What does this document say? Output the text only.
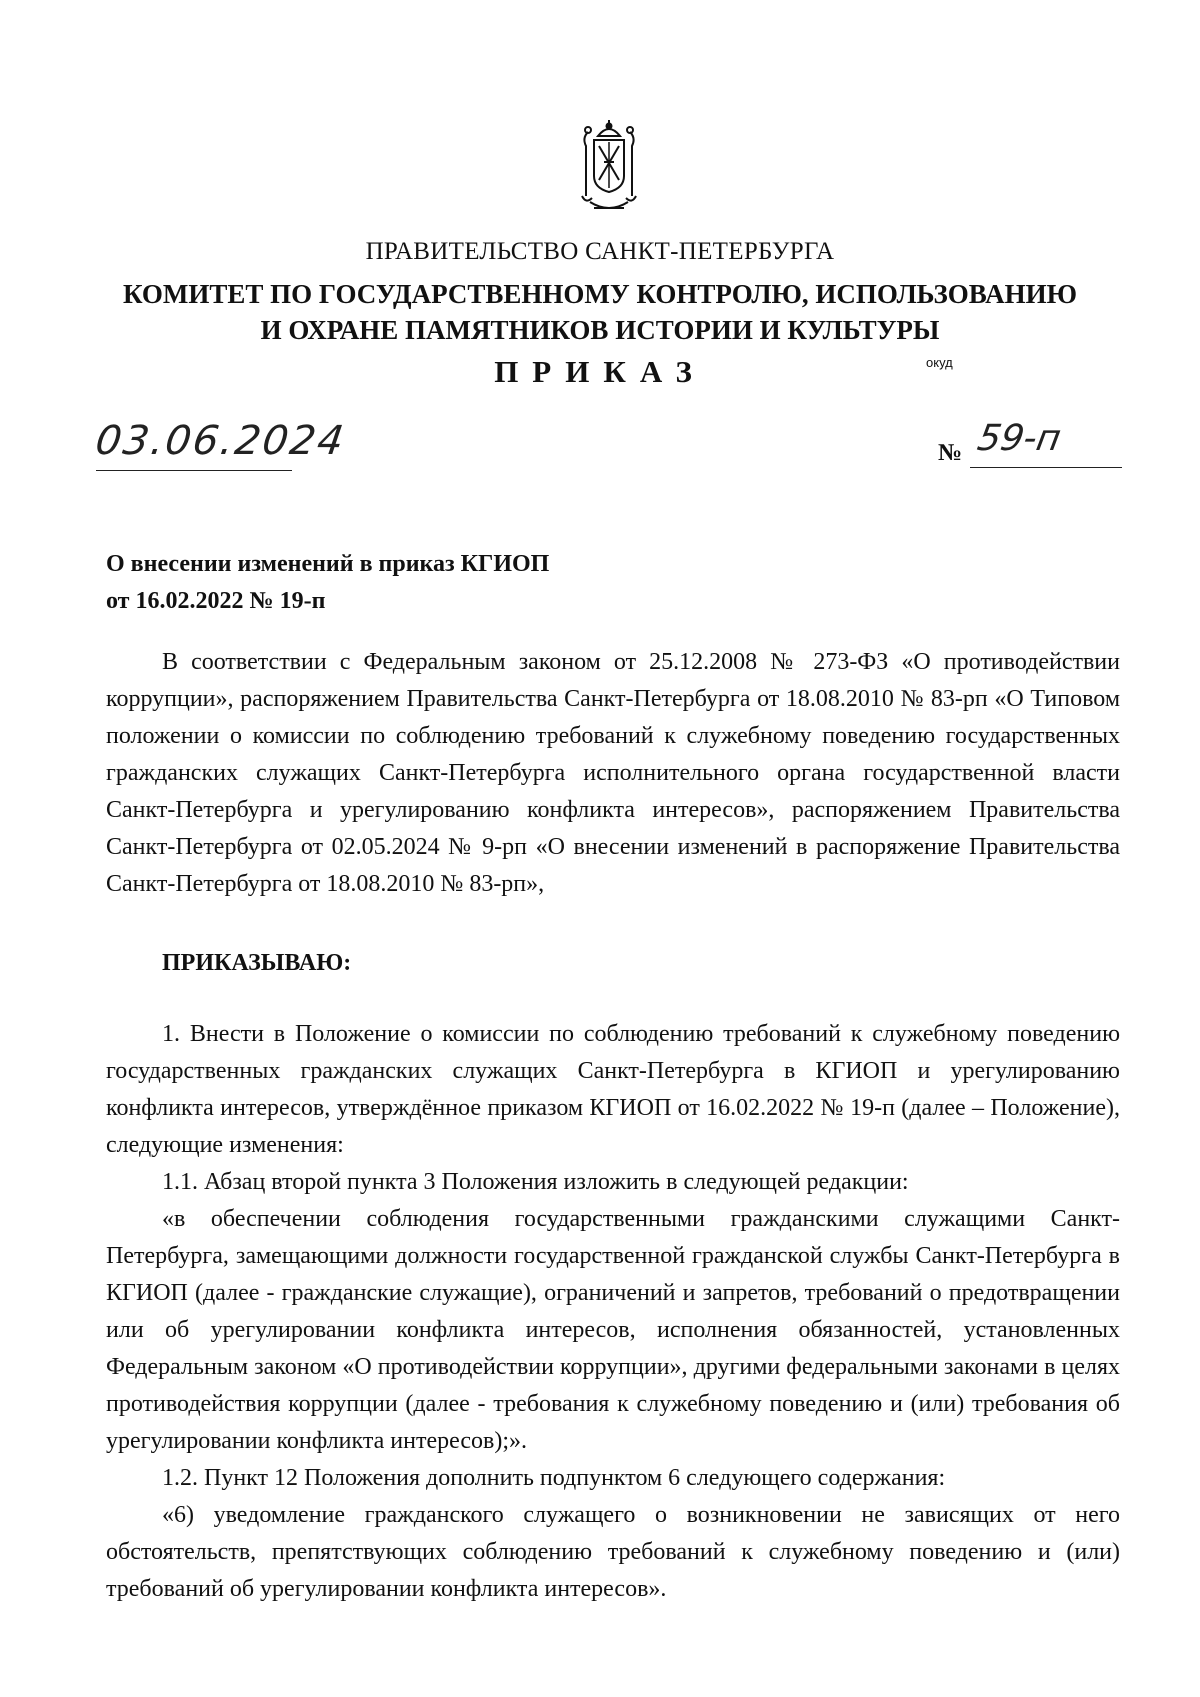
ПРАВИТЕЛЬСТВО САНКТ-ПЕТЕРБУРГА
КОМИТЕТ ПО ГОСУДАРСТВЕННОМУ КОНТРОЛЮ, ИСПОЛЬЗОВАНИЮ
И ОХРАНЕ ПАМЯТНИКОВ ИСТОРИИ И КУЛЬТУРЫ
ПРИКАЗ	окуд
03.06.2024	№ 59-п
О внесении изменений в приказ КГИОП
от 16.02.2022 № 19-п

В соответствии с Федеральным законом от 25.12.2008 № 273-ФЗ «О противодействии коррупции», распоряжением Правительства Санкт-Петербурга от 18.08.2010 № 83-рп «О Типовом положении о комиссии по соблюдению требований к служебному поведению государственных гражданских служащих Санкт-Петербурга исполнительного органа государственной власти Санкт-Петербурга и урегулированию конфликта интересов», распоряжением Правительства Санкт-Петербурга от 02.05.2024 № 9-рп «О внесении изменений в распоряжение Правительства Санкт-Петербурга от 18.08.2010 № 83-рп»,

ПРИКАЗЫВАЮ:

1. Внести в Положение о комиссии по соблюдению требований к служебному поведению государственных гражданских служащих Санкт-Петербурга в КГИОП и урегулированию конфликта интересов, утверждённое приказом КГИОП от 16.02.2022 № 19-п (далее – Положение), следующие изменения:

1.1. Абзац второй пункта 3 Положения изложить в следующей редакции:

«в обеспечении соблюдения государственными гражданскими служащими Санкт-Петербурга, замещающими должности государственной гражданской службы Санкт-Петербурга в КГИОП (далее - гражданские служащие), ограничений и запретов, требований о предотвращении или об урегулировании конфликта интересов, исполнения обязанностей, установленных Федеральным законом «О противодействии коррупции», другими федеральными законами в целях противодействия коррупции (далее - требования к служебному поведению и (или) требования об урегулировании конфликта интересов);».

1.2. Пункт 12 Положения дополнить подпунктом 6 следующего содержания:

«6) уведомление гражданского служащего о возникновении не зависящих от него обстоятельств, препятствующих соблюдению требований к служебному поведению и (или) требований об урегулировании конфликта интересов».
